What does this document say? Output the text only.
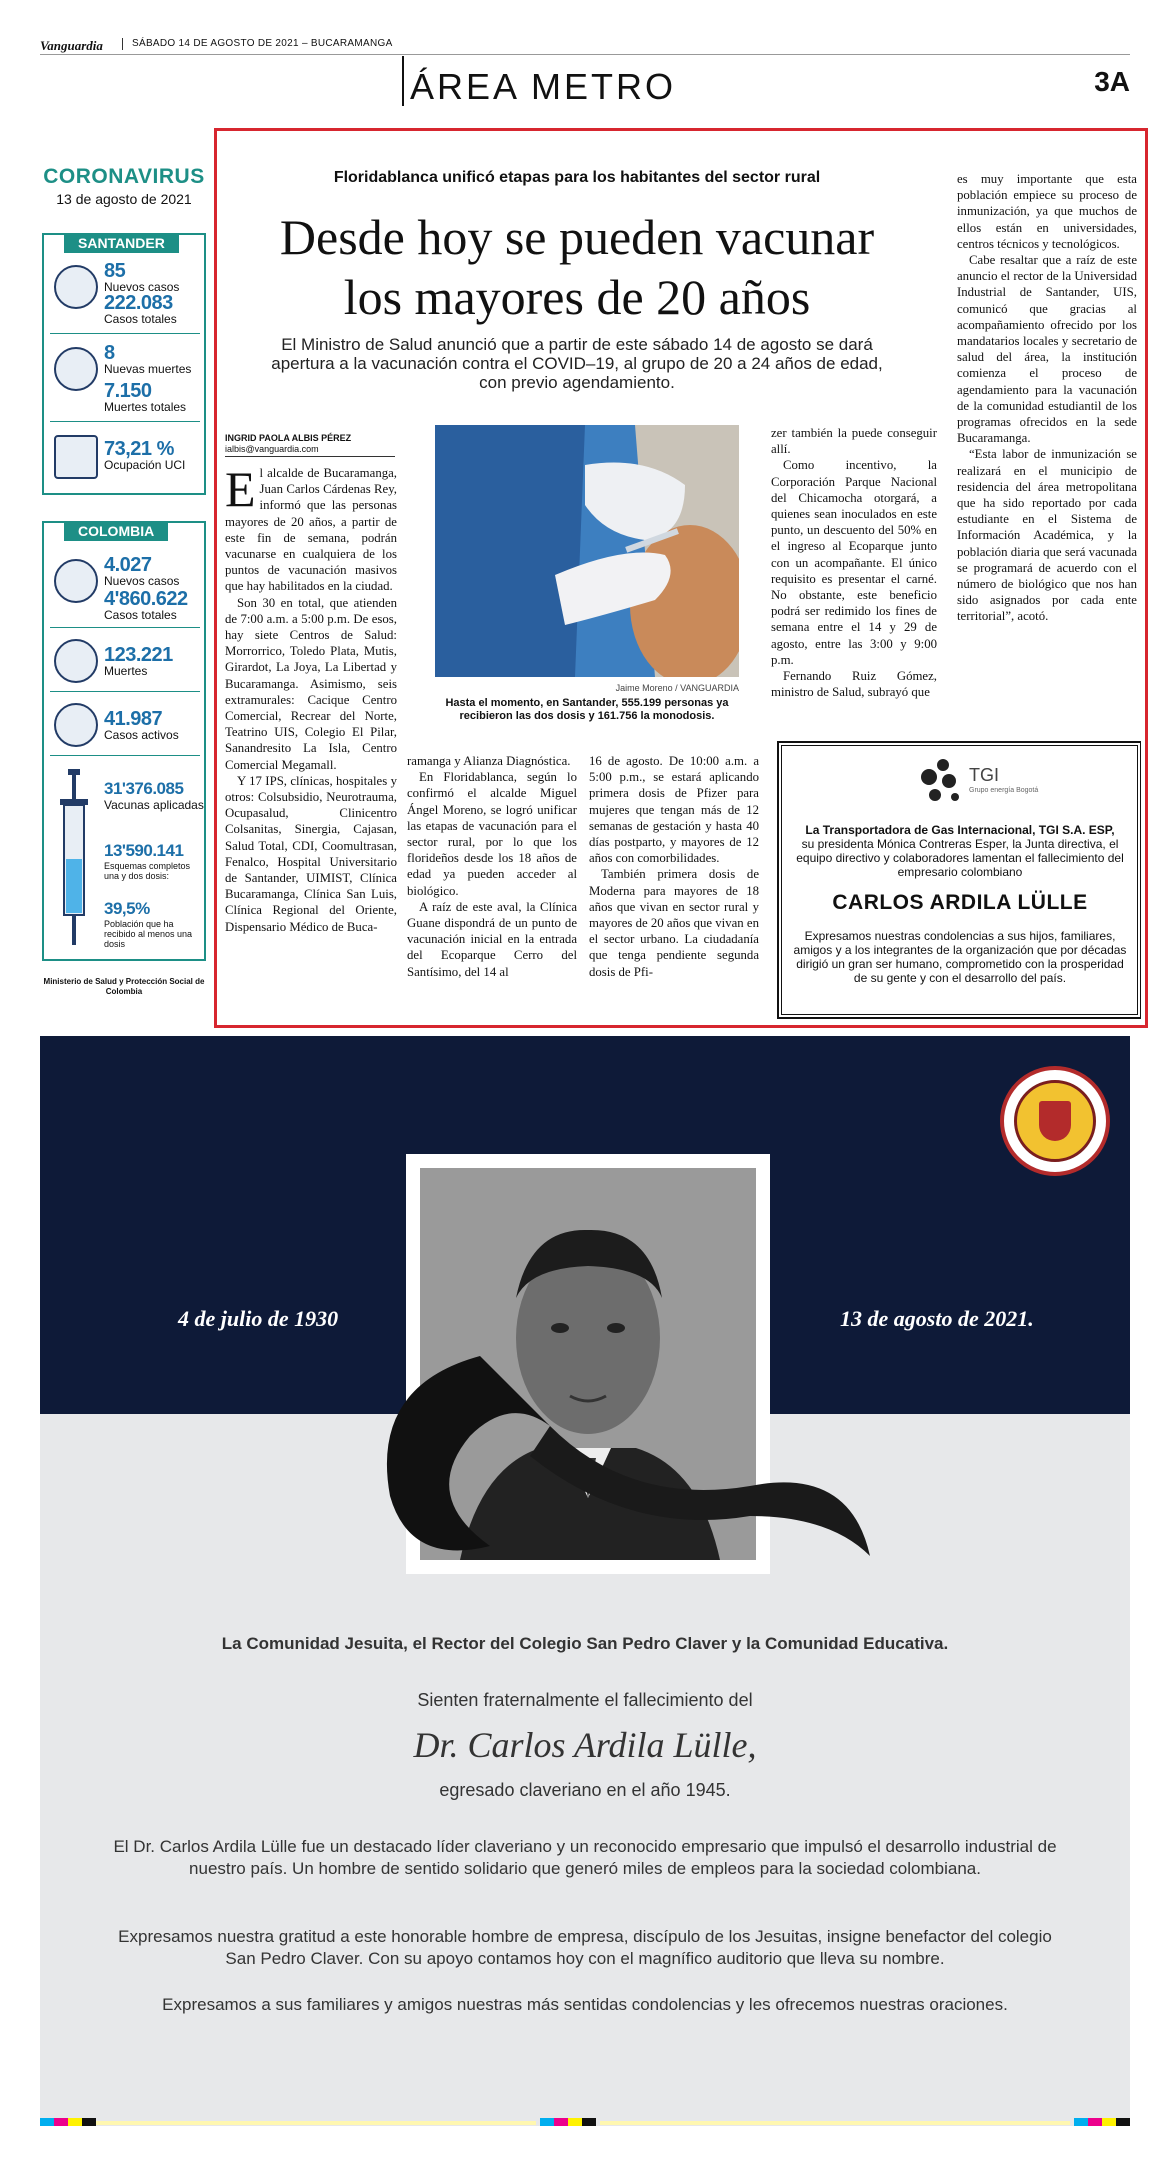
Vanguardia	SÁBADO 14 DE AGOSTO DE 2021 – BUCARAMANGA
ÁREA METRO	3A
CORONAVIRUS
13 de agosto de 2021
SANTANDER
85
Nuevos casos
222.083
Casos totales
8
Nuevas muertes
7.150
Muertes totales
73,21 %
Ocupación UCI
COLOMBIA
4.027
Nuevos casos
4'860.622
Casos totales
123.221
Muertes
41.987
Casos activos
31'376.085
Vacunas aplicadas
13'590.141
Esquemas completos una y dos dosis:
39,5%
Población que ha recibido al menos una dosis
Ministerio de Salud y Protección Social de Colombia
Floridablanca unificó etapas para los habitantes del sector rural
Desde hoy se pueden vacunar
los mayores de 20 años
El Ministro de Salud anunció que a partir de este sábado 14 de agosto se dará apertura a la vacunación contra el COVID–19, al grupo de 20 a 24 años de edad, con previo agendamiento.
INGRID PAOLA ALBIS PÉREZ
ialbis@vanguardia.com

El alcalde de Bucaramanga, Juan Carlos Cárdenas Rey, informó que las personas mayores de 20 años, a partir de este fin de semana, podrán vacunarse en cualquiera de los puntos de vacunación masivos que hay habilitados en la ciudad.

Son 30 en total, que atienden de 7:00 a.m. a 5:00 p.m. De esos, hay siete Centros de Salud: Morrorrico, Toledo Plata, Mutis, Girardot, La Joya, La Libertad y Bucaramanga. Asimismo, seis extramurales: Cacique Centro Comercial, Recrear del Norte, Teatrino UIS, Colegio El Pilar, Sanandresito La Isla, Centro Comercial Megamall.

Y 17 IPS, clínicas, hospitales y otros: Colsubsidio, Neurotrauma, Ocupasalud, Clinicentro Colsanitas, Sinergia, Cajasan, Salud Total, CDI, Coomultrasan, Fenalco, Hospital Universitario de Santander, UIMIST, Clínica Bucaramanga, Clínica San Luis, Clínica Regional del Oriente, Dispensario Médico de Buca-

Jaime Moreno / VANGUARDIA
Hasta el momento, en Santander, 555.199 personas ya recibieron las dos dosis y 161.756 la monodosis.

ramanga y Alianza Diagnóstica.

En Floridablanca, según lo confirmó el alcalde Miguel Ángel Moreno, se logró unificar las etapas de vacunación para el sector rural, por lo que los florideños desde los 18 años de edad ya pueden acceder al biológico.

A raíz de este aval, la Clínica Guane dispondrá de un punto de vacunación inicial en la entrada del Ecoparque Cerro del Santísimo, del 14 al

16 de agosto. De 10:00 a.m. a 5:00 p.m., se estará aplicando primera dosis de Pfizer para mujeres que tengan más de 12 semanas de gestación y hasta 40 días postparto, y mayores de 12 años con comorbilidades.

También primera dosis de Moderna para mayores de 18 años que vivan en sector rural y mayores de 20 años que vivan en el sector urbano. La ciudadanía que tenga pendiente segunda dosis de Pfi-

zer también la puede conseguir allí.

Como incentivo, la Corporación Parque Nacional del Chicamocha otorgará, a quienes sean inoculados en este punto, un descuento del 50% en el ingreso al Ecoparque junto con un acompañante. El único requisito es presentar el carné. No obstante, este beneficio podrá ser redimido los fines de semana entre el 14 y 29 de agosto, entre las 3:00 y 9:00 p.m.

Fernando Ruiz Gómez, ministro de Salud, subrayó que

es muy importante que esta población empiece su proceso de inmunización, ya que muchos de ellos están en universidades, centros técnicos y tecnológicos.

Cabe resaltar que a raíz de este anuncio el rector de la Universidad Industrial de Santander, UIS, comunicó que gracias al acompañamiento ofrecido por los mandatarios locales y secretario de salud del área, la institución comienza el proceso de agendamiento para la vacunación de la comunidad estudiantil de los programas ofrecidos en la sede Bucaramanga.

“Esta labor de inmunización se realizará en el municipio de residencia del área metropolitana que ha sido reportado por cada estudiante en el Sistema de Información Académica, y la población diaria que será vacunada se programará de acuerdo con el número de biológico que nos han sido asignados por cada ente territorial”, acotó.

TGI
Grupo energía Bogotá
La Transportadora de Gas Internacional, TGI S.A. ESP,
su presidenta Mónica Contreras Esper, la Junta directiva, el equipo directivo y colaboradores lamentan el fallecimiento del empresario colombiano
CARLOS ARDILA LÜLLE
Expresamos nuestras condolencias a sus hijos, familiares, amigos y a los integrantes de la organización que por décadas dirigió un gran ser humano, comprometido con la prosperidad de su gente y con el desarrollo del país.
4 de julio de 1930	13 de agosto de 2021.
La Comunidad Jesuita, el Rector del Colegio San Pedro Claver y la Comunidad Educativa.
Sienten fraternalmente el fallecimiento del
Dr. Carlos Ardila Lülle,
egresado claveriano en el año 1945.
El Dr. Carlos Ardila Lülle fue un destacado líder claveriano y un reconocido empresario que impulsó el desarrollo industrial de nuestro país. Un hombre de sentido solidario que generó miles de empleos para la sociedad colombiana.
Expresamos nuestra gratitud a este honorable hombre de empresa, discípulo de los Jesuitas, insigne benefactor del colegio San Pedro Claver. Con su apoyo contamos hoy con el magnífico auditorio que lleva su nombre.
Expresamos a sus familiares y amigos nuestras más sentidas condolencias y les ofrecemos nuestras oraciones.
